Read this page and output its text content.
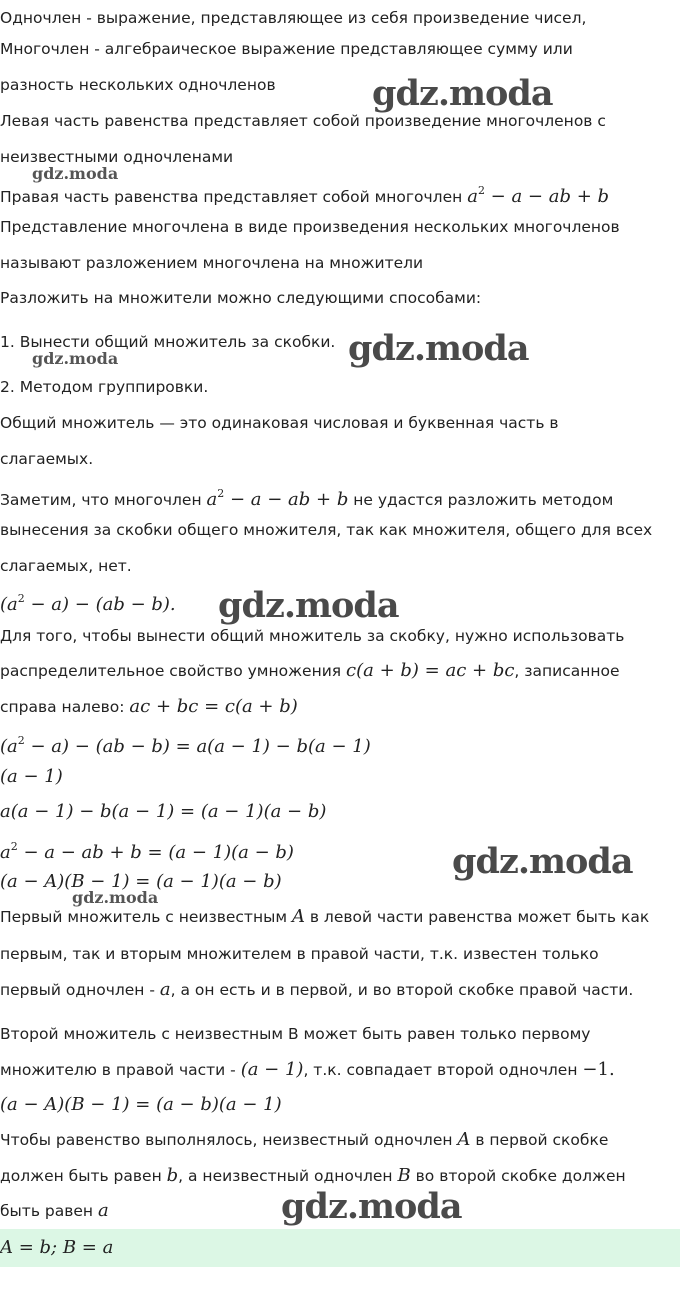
Одночлен - выражение, представляющее из себя произведение чисел,
Многочлен - алгебраическое выражение представляющее сумму или
разность нескольких одночленов
Левая часть равенства представляет собой произведение многочленов с
неизвестными одночленами
Правая часть равенства представляет собой многочлен $a^2 - a$ − ab + b
Представление многочлена в виде произведения нескольких многочленов
называют разложением многочлена на множители
Разложить на множители можно следующими способами:
1. Вынести общий множитель за скобки.
2. Методом группировки.
Общий множитель — это одинаковая числовая и буквенная часть в
слагаемых.
Заметим, что многочлен $a^2 - a$ − ab + b не удастся разложить методом
вынесения за скобки общего множителя, так как множителя, общего для всех
слагаемых, нет.
$(a^2 - a) - (ab - b)$.
Для того, чтобы вынести общий множитель за скобку, нужно использовать
распределительное свойство умножения c(a + b) = ac + bc, записанное
справа налево: ac + bc = c(a + b)
$(a^2 - a) - (ab - b) = a(a - 1) - b(a - 1)$
(a − 1)
a(a − 1) − b(a − 1) = (a − 1)(a − b)
$a^2 - a$ − ab + b = (a − 1)(a − b)
(a − A)(B − 1) = (a − 1)(a − b)
Первый множитель с неизвестным A в левой части равенства может быть как
первым, так и вторым множителем в правой части, т.к. известен только
первый одночлен - a, а он есть и в первой, и во второй скобке правой части.
Второй множитель с неизвестным В может быть равен только первому
множителю в правой части - (a − 1), т.к. совпадает второй одночлен −1.
(a − A)(B − 1) = (a − b)(a − 1)
Чтобы равенство выполнялось, неизвестный одночлен A в первой скобке
должен быть равен b, а неизвестный одночлен B во второй скобке должен
быть равен a
A = b; B = a
gdz.moda
gdz.moda
gdz.moda
gdz.moda
gdz.moda
gdz.moda
gdz.moda
gdz.moda
